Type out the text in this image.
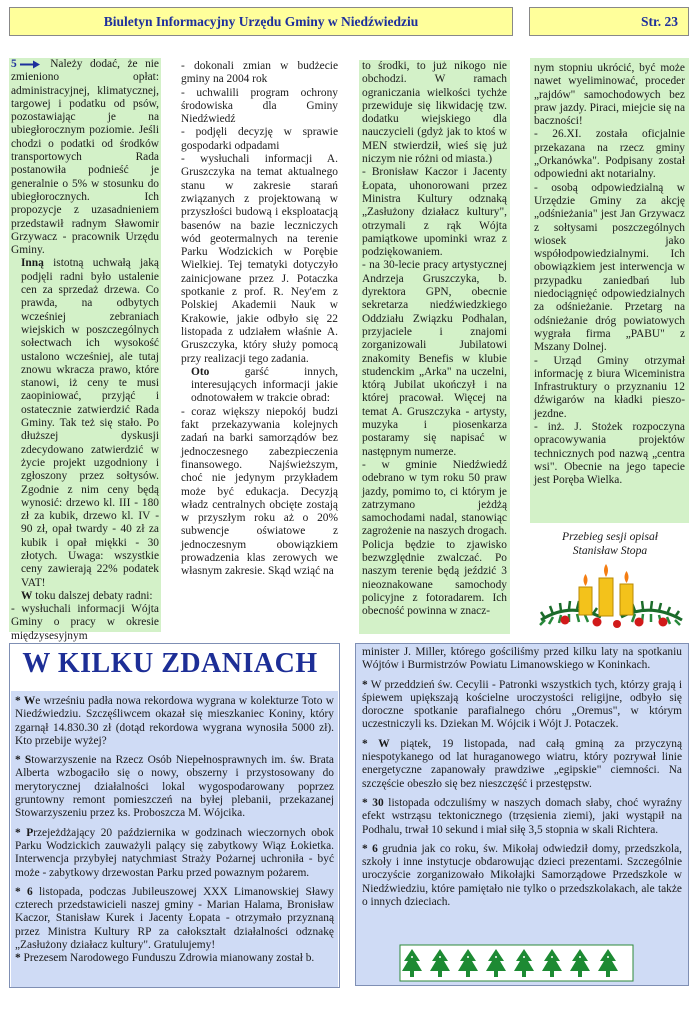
Biuletyn Informacyjny Urzędu Gminy w Niedźwiedziu	Str. 23

5	Należy dodać, że nie zmieniono opłat: administracyjnej, klimatycznej, targowej i podatku od psów, pozostawiając je na ubiegłorocznym poziomie. Jeśli chodzi o podatki od środków transportowych Rada postanowiła podnieść je generalnie o 5% w stosunku do ubiegłorocznych. Ich propozycje z uzasadnieniem przedstawił radnym Sławomir Grzywacz - pracownik Urzędu Gminy.

Inną istotną uchwałą jaką podjęli radni było ustalenie cen za sprzedaż drzewa. Co prawda, na odbytych wcześniej zebraniach wiejskich w poszczególnych sołectwach ich wysokość ustalono wcześniej, ale tutaj znowu wkracza prawo, które stanowi, iż ceny te musi zaopiniować, przyjąć i ostatecznie zatwierdzić Rada Gminy. Tak też się stało. Po dłuższej dyskusji zdecydowano zatwierdzić w życie projekt uzgodniony i zgłoszony przez sołtysów. Zgodnie z nim ceny będą wynosić: drzewo kl. III - 180 zł za kubik, drzewo kl. IV - 90 zł, opał twardy - 40 zł za kubik i opał miękki - 30 złotych. Uwaga: wszystkie ceny zawierają 22% podatek VAT!

W toku dalszej debaty radni:

- wysłuchali informacji Wójta Gminy o pracy w okresie międzysesyjnym

- dokonali zmian w budżecie gminy na 2004 rok

- uchwalili program ochrony środowiska dla Gminy Niedźwiedź

- podjęli decyzję w sprawie gospodarki odpadami

- wysłuchali informacji A. Gruszczyka na temat aktualnego stanu w zakresie starań związanych z projektowaną w przyszłości budową i eksploatacją basenów na bazie leczniczych wód geotermalnych na terenie Parku Wodzickich w Porębie Wielkiej. Tej tematyki dotyczyło zainicjowane przez J. Potaczka spotkanie z prof. R. Ney'em z Polskiej Akademii Nauk w Krakowie, jakie odbyło się 22 listopada z udziałem właśnie A. Gruszczyka, który służy pomocą przy realizacji tego zadania.

Oto	garść innych, interesujących informacji jakie odnotowałem w trakcie obrad:

- coraz większy niepokój budzi fakt przekazywania kolejnych zadań na barki samorządów bez jednoczesnego zabezpieczenia finansowego. Najświeższym, choć nie jedynym przykładem może być edukacja. Decyzją władz centralnych obcięte zostają w przyszłym roku aż o 20% subwencje oświatowe z jednoczesnym obowiązkiem prowadzenia klas zerowych we własnym zakresie. Skąd wziąć na

to środki, to już nikogo nie obchodzi. W ramach ograniczania wielkości tychże przewiduje się likwidację tzw. dodatku wiejskiego dla nauczycieli (gdyż jak to ktoś w MEN stwierdził, wieś się już niczym nie różni od miasta.)

- Bronisław Kaczor i Jacenty Łopata, uhonorowani przez Ministra Kultury odznaką „Zasłużony działacz kultury", otrzymali z rąk Wójta pamiątkowe upominki wraz z podziękowaniem.

- na 30-lecie pracy artystycznej Andrzeja Gruszczyka, b. dyrektora GPN, obecnie sekretarza niedźwiedzkiego Oddziału Związku Podhalan, przyjaciele i znajomi zorganizowali Jubilatowi znakomity Benefis w klubie studenckim „Arka" na uczelni, którą Jubilat ukończył i na której pracował. Więcej na temat A. Gruszczyka - artysty, muzyka i piosenkarza postaramy się napisać w następnym numerze.

- w gminie Niedźwiedź odebrano w tym roku 50 praw jazdy, pomimo to, ci którym je zatrzymano jeżdżą samochodami nadal, stanowiąc zagrożenie na naszych drogach. Policja będzie to zjawisko bezwzględnie zwalczać. Po naszym terenie będą jeździć 3 nieoznakowane samochody policyjne z fotoradarem. Ich obecność powinna w znacz-

nym stopniu ukrócić, być może nawet wyeliminować, proceder „rajdów" samochodowych bez praw jazdy. Piraci, miejcie się na baczności!

- 26.XI. została oficjalnie przekazana na rzecz gminy „Orkanówka". Podpisany został odpowiedni akt notarialny.

- osobą odpowiedzialną w Urzędzie Gminy za akcję „odśnieżania" jest Jan Grzywacz z sołtysami poszczególnych wiosek jako współodpowiedzialnymi. Ich obowiązkiem jest interwencja w przypadku zaniedbań lub niedociągnięć odpowiedzialnych za odśnieżanie. Przetarg na odśnieżanie dróg powiatowych wygrała firma „PABU" z Mszany Dolnej.

- Urząd Gminy otrzymał informację z biura Wiceministra Infrastruktury o przyznaniu 12 dźwigarów na kładki pieszo-jezdne.

- inż. J. Stożek rozpoczyna opracowywania projektów technicznych pod nazwą „centra wsi". Obecnie na jego tapecie jest Poręba Wielka.

Przebieg sesji opisał
Stanisław Stopa
W KILKU ZDANIACH

* We wrześniu padła nowa rekordowa wygrana w kolekturze Toto w Niedźwiedziu. Szczęśliwcem okazał się mieszkaniec Koniny, który zgarnął 14.830.30 zł (dotąd rekordowa wygrana wynosiła 5000 zł). Kto przebije wyżej?

* Stowarzyszenie na Rzecz Osób Niepełnosprawnych im. św. Brata Alberta wzbogaciło się o nowy, obszerny i przystosowany do merytorycznej działalności lokal wygospodarowany poprzez gruntowny remont pomieszczeń na byłej plebanii, przekazanej Stowarzyszeniu przez ks. Proboszcza M. Wójcika.

* Przejeżdżający 20 października w godzinach wieczornych obok Parku Wodzickich zauważyli palący się zabytkowy Wiąz Łokietka. Interwencja przybyłej natychmiast Straży Pożarnej uchroniła - być może - zabytkowy drzewostan Parku przed powaznym pożarem.

* 6 listopada, podczas Jubileuszowej XXX Limanowskiej Sławy czterech przedstawicieli naszej gminy - Marian Halama, Bronisław Kaczor, Stanisław Kurek i Jacenty Łopata - otrzymało przyznaną przez Ministra Kultury RP za całokształt działalności odznakę „Zasłużony działacz kultury". Gratulujemy!

* Prezesem Narodowego Funduszu Zdrowia mianowany został b.

minister J. Miller, którego gościliśmy przed kilku laty na spotkaniu Wójtów i Burmistrzów Powiatu Limanowskiego w Koninkach.

* W przeddzień św. Cecylii - Patronki wszystkich tych, którzy grają i śpiewem upiększają kościelne uroczystości religijne, odbyło się doroczne spotkanie parafialnego chóru „Oremus", w którym uczestniczyli ks. Dziekan M. Wójcik i Wójt J. Potaczek.

* W piątek, 19 listopada, nad całą gminą za przyczyną niespotykanego od lat huraganowego wiatru, który pozrywał linie energetyczne zapanowały prawdziwe „egipskie" ciemności. Na szczęście obeszło się bez nieszczęść i przestępstw.

* 30 listopada odczuliśmy w naszych domach słaby, choć wyraźny efekt wstrząsu tektonicznego (trzęsienia ziemi), jaki wystąpił na Podhalu, trwał 10 sekund i miał siłę 3,5 stopnia w skali Richtera.

* 6 grudnia jak co roku, św. Mikołaj odwiedził domy, przedszkola, szkoły i inne instytucje obdarowując dzieci prezentami. Szczególnie uroczyście zorganizowało Mikołajki Samorządowe Przedszkole w Niedźwiedziu, które pamiętało nie tylko o przedszkolakach, ale także o innych dzieciach.
